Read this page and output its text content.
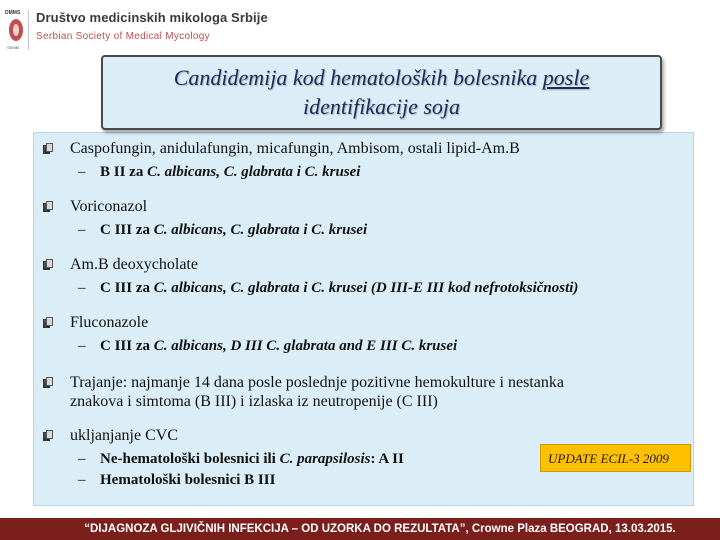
DMMS
SSMM
Društvo medicinskih mikologa Srbije
Serbian Society of Medical Mycology
Candidemija kod hematoloških bolesnika posle
identifikacije soja
Caspofungin, anidulafungin, micafungin, Ambisom, ostali lipid-Am.B
– B II za C. albicans, C. glabrata i C. krusei
Voriconazol
– C III za C. albicans, C. glabrata i C. krusei
Am.B deoxycholate
– C III za C. albicans, C. glabrata i C. krusei (D III-E III kod nefrotoksičnosti)
Fluconazole
– C III za C. albicans, D III C. glabrata and E III C. krusei
Trajanje: najmanje 14 dana posle poslednje pozitivne hemokulture i nestanka
znakova i simtoma (B III) i izlaska iz neutropenije (C III)
ukljanjanje CVC
– Ne-hematološki bolesnici ili C. parapsilosis: A II
– Hematološki bolesnici B III
UPDATE ECIL-3 2009
“DIJAGNOZA GLJIVIČNIH INFEKCIJA – OD UZORKA DO REZULTATA”, Crowne Plaza BEOGRAD, 13.03.2015.
